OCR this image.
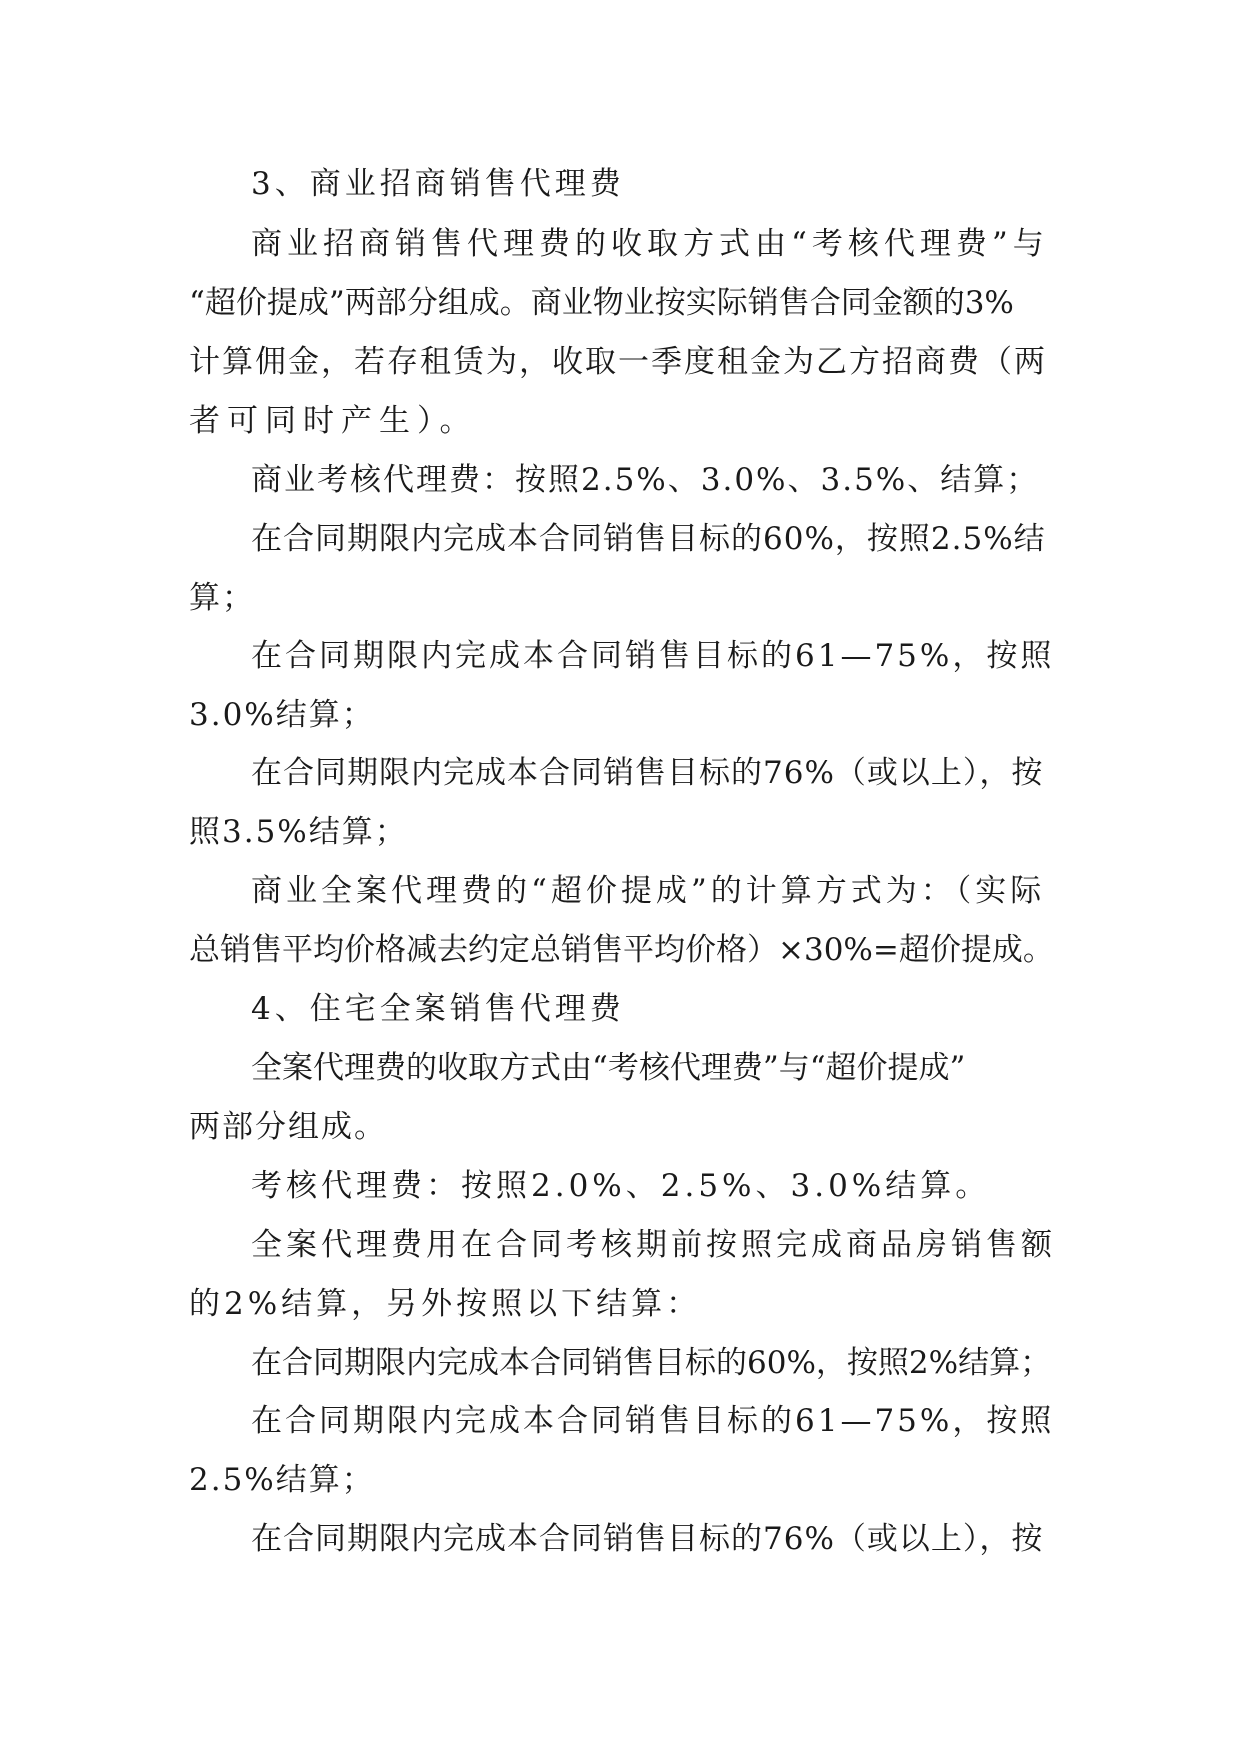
3、商业招商销售代理费
商业招商销售代理费的收取方式由“考核代理费”与
“超价提成”两部分组成。商业物业按实际销售合同金额的3%
计算佣金，若存租赁为，收取一季度租金为乙方招商费（两
者可同时产生）。
商业考核代理费：按照2.5%、3.0%、3.5%、结算；
在合同期限内完成本合同销售目标的60%，按照2.5%结
算；
在合同期限内完成本合同销售目标的61—75%，按照
3.0%结算；
在合同期限内完成本合同销售目标的76%（或以上），按
照3.5%结算；
商业全案代理费的“超价提成”的计算方式为：（实际
总销售平均价格减去约定总销售平均价格）×30%=超价提成。
4、住宅全案销售代理费
全案代理费的收取方式由“考核代理费”与“超价提成”
两部分组成。
考核代理费：按照2.0%、2.5%、3.0%结算。
全案代理费用在合同考核期前按照完成商品房销售额
的2%结算，另外按照以下结算：
在合同期限内完成本合同销售目标的60%，按照2%结算；
在合同期限内完成本合同销售目标的61—75%，按照
2.5%结算；
在合同期限内完成本合同销售目标的76%（或以上），按
